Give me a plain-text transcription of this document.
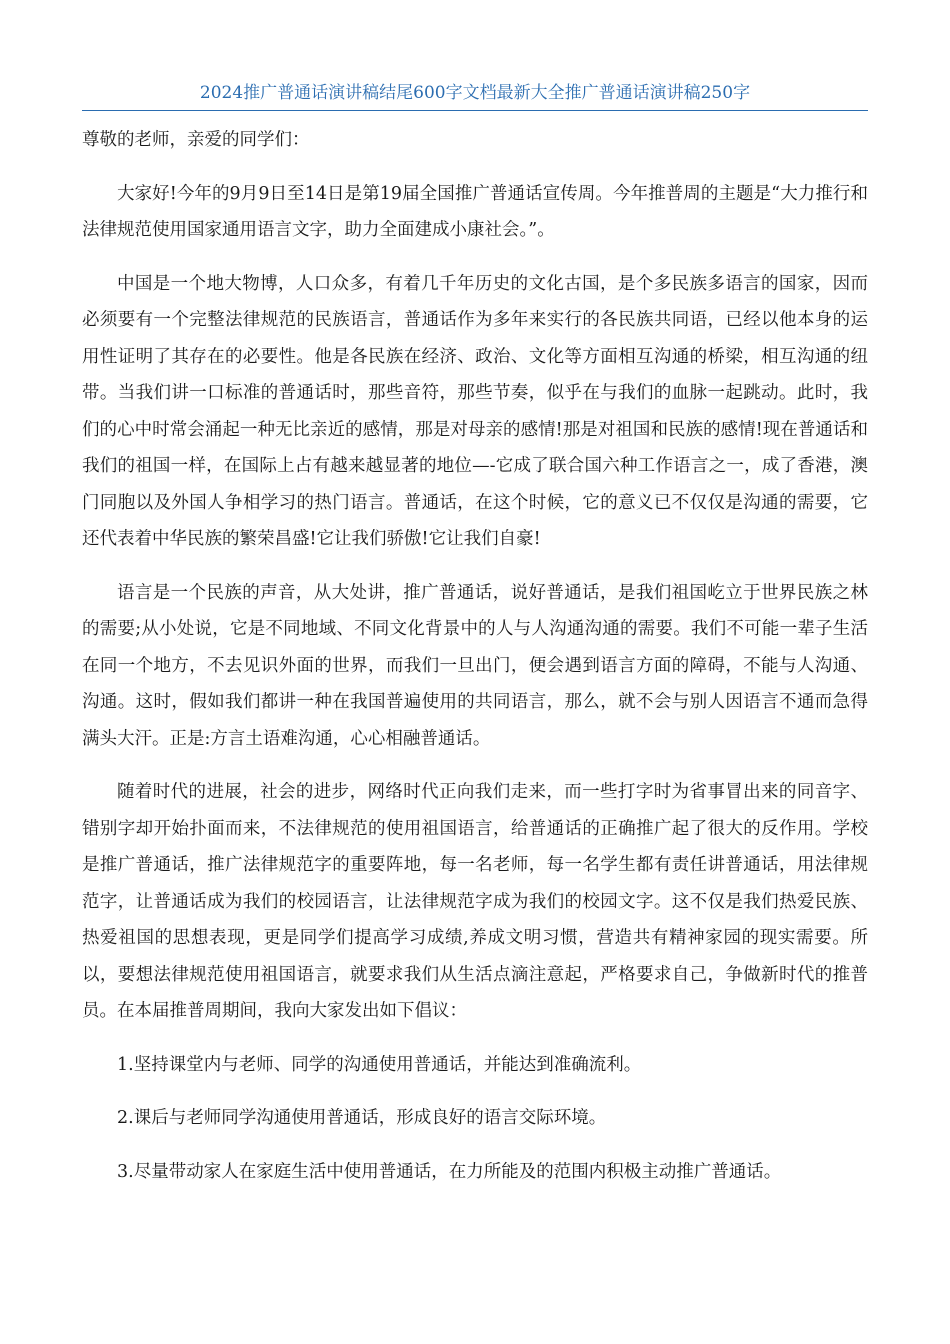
2024推广普通话演讲稿结尾600字文档最新大全推广普通话演讲稿250字

尊敬的老师，亲爱的同学们：

大家好!今年的9月9日至14日是第19届全国推广普通话宣传周。今年推普周的主题是“大力推行和法律规范使用国家通用语言文字，助力全面建成小康社会。”。

中国是一个地大物博，人口众多，有着几千年历史的文化古国，是个多民族多语言的国家，因而必须要有一个完整法律规范的民族语言，普通话作为多年来实行的各民族共同语，已经以他本身的运用性证明了其存在的必要性。他是各民族在经济、政治、文化等方面相互沟通的桥梁，相互沟通的纽带。当我们讲一口标准的普通话时，那些音符，那些节奏，似乎在与我们的血脉一起跳动。此时，我们的心中时常会涌起一种无比亲近的感情，那是对母亲的感情!那是对祖国和民族的感情!现在普通话和我们的祖国一样，在国际上占有越来越显著的地位—-它成了联合国六种工作语言之一，成了香港，澳门同胞以及外国人争相学习的热门语言。普通话，在这个时候，它的意义已不仅仅是沟通的需要，它还代表着中华民族的繁荣昌盛!它让我们骄傲!它让我们自豪!

语言是一个民族的声音，从大处讲，推广普通话，说好普通话，是我们祖国屹立于世界民族之林的需要;从小处说，它是不同地域、不同文化背景中的人与人沟通沟通的需要。我们不可能一辈子生活在同一个地方，不去见识外面的世界，而我们一旦出门，便会遇到语言方面的障碍，不能与人沟通、沟通。这时，假如我们都讲一种在我国普遍使用的共同语言，那么，就不会与别人因语言不通而急得满头大汗。正是:方言土语难沟通，心心相融普通话。

随着时代的进展，社会的进步，网络时代正向我们走来，而一些打字时为省事冒出来的同音字、错别字却开始扑面而来，不法律规范的使用祖国语言，给普通话的正确推广起了很大的反作用。学校是推广普通话，推广法律规范字的重要阵地，每一名老师，每一名学生都有责任讲普通话，用法律规范字，让普通话成为我们的校园语言，让法律规范字成为我们的校园文字。这不仅是我们热爱民族、热爱祖国的思想表现，更是同学们提高学习成绩,养成文明习惯，营造共有精神家园的现实需要。所以，要想法律规范使用祖国语言，就要求我们从生活点滴注意起，严格要求自己，争做新时代的推普员。在本届推普周期间，我向大家发出如下倡议：

1.坚持课堂内与老师、同学的沟通使用普通话，并能达到准确流利。

2.课后与老师同学沟通使用普通话，形成良好的语言交际环境。

3.尽量带动家人在家庭生活中使用普通话，在力所能及的范围内积极主动推广普通话。
